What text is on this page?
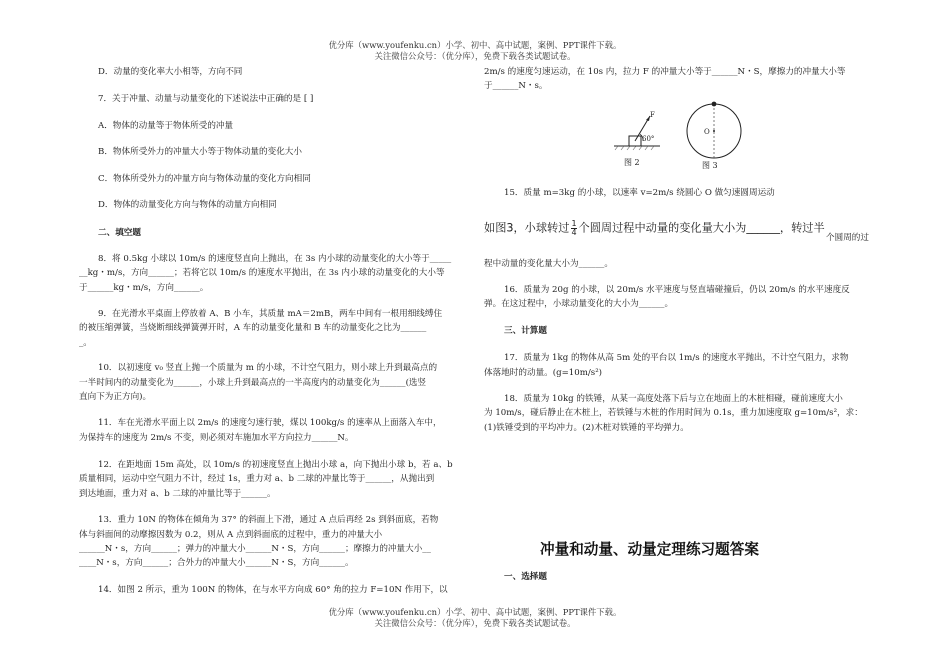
优分库（www.youfenku.cn）小学、初中、高中试题，案例、PPT课件下载。
关注微信公众号：（优分库），免费下载各类试题试卷。
D．动量的变化率大小相等，方向不同
7．关于冲量、动量与动量变化的下述说法中正确的是 [ ]
A．物体的动量等于物体所受的冲量
B．物体所受外力的冲量大小等于物体动量的变化大小
C．物体所受外力的冲量方向与物体动量的变化方向相同
D．物体的动量变化方向与物体的动量方向相同
二、填空题
8．将 0.5kg 小球以 10m/s 的速度竖直向上抛出，在 3s 内小球的动量变化的大小等于_____
__kg・m/s，方向______；若将它以 10m/s 的速度水平抛出，在 3s 内小球的动量变化的大小等
于______kg・m/s，方向______。
9．在光滑水平桌面上停放着 A、B 小车，其质量 mA＝2mB，两车中间有一根用细线缚住
的被压缩弹簧，当烧断细线弹簧弹开时，A 车的动量变化量和 B 车的动量变化之比为______
_。
10．以初速度 v₀ 竖直上抛一个质量为 m 的小球，不计空气阻力，则小球上升到最高点的
一半时间内的动量变化为______，小球上升到最高点的一半高度内的动量变化为______(选竖
直向下为正方向)。
11．车在光滑水平面上以 2m/s 的速度匀速行驶，煤以 100kg/s 的速率从上面落入车中，
为保持车的速度为 2m/s 不变，则必须对车施加水平方向拉力______N。
12．在距地面 15m 高处，以 10m/s 的初速度竖直上抛出小球 a，向下抛出小球 b，若 a、b
质量相同，运动中空气阻力不计，经过 1s，重力对 a、b 二球的冲量比等于______，从抛出到
到达地面，重力对 a、b 二球的冲量比等于______。
13．重力 10N 的物体在倾角为 37° 的斜面上下滑，通过 A 点后再经 2s 到斜面底，若物
体与斜面间的动摩擦因数为 0.2，则从 A 点到斜面底的过程中，重力的冲量大小
______N・s，方向______；弹力的冲量大小______N・S，方向______；摩擦力的冲量大小__
____N・s，方向______；合外力的冲量大小______N・S，方向______。
14．如图 2 所示，重为 100N 的物体，在与水平方向成 60° 角的拉力 F=10N 作用下，以
2m/s 的速度匀速运动，在 10s 内，拉力 F 的冲量大小等于______N・S，摩擦力的冲量大小等
于______N・s。
60°
F
图 2
O
图 3
15．质量 m=3kg 的小球，以速率 v=2m/s 绕圆心 O 做匀速圆周运动
如图3，小球转过 $\frac{1}{4}$ 个圆周过程中动量的变化量大小为______，转过半
个圆周的过
程中动量的变化量大小为______。
16．质量为 20g 的小球，以 20m/s 水平速度与竖直墙碰撞后，仍以 20m/s 的水平速度反
弹。在这过程中，小球动量变化的大小为______。
三、计算题
17．质量为 1kg 的物体从高 5m 处的平台以 1m/s 的速度水平抛出，不计空气阻力，求物
体落地时的动量。(g=10m/s²)
18．质量为 10kg 的铁锤，从某一高度处落下后与立在地面上的木桩相碰，碰前速度大小
为 10m/s，碰后静止在木桩上，若铁锤与木桩的作用时间为 0.1s，重力加速度取 g=10m/s²，求：
(1)铁锤受到的平均冲力。(2)木桩对铁锤的平均弹力。
冲量和动量、动量定理练习题答案
一、选择题
优分库（www.youfenku.cn）小学、初中、高中试题，案例、PPT课件下载。
关注微信公众号：（优分库），免费下载各类试题试卷。
